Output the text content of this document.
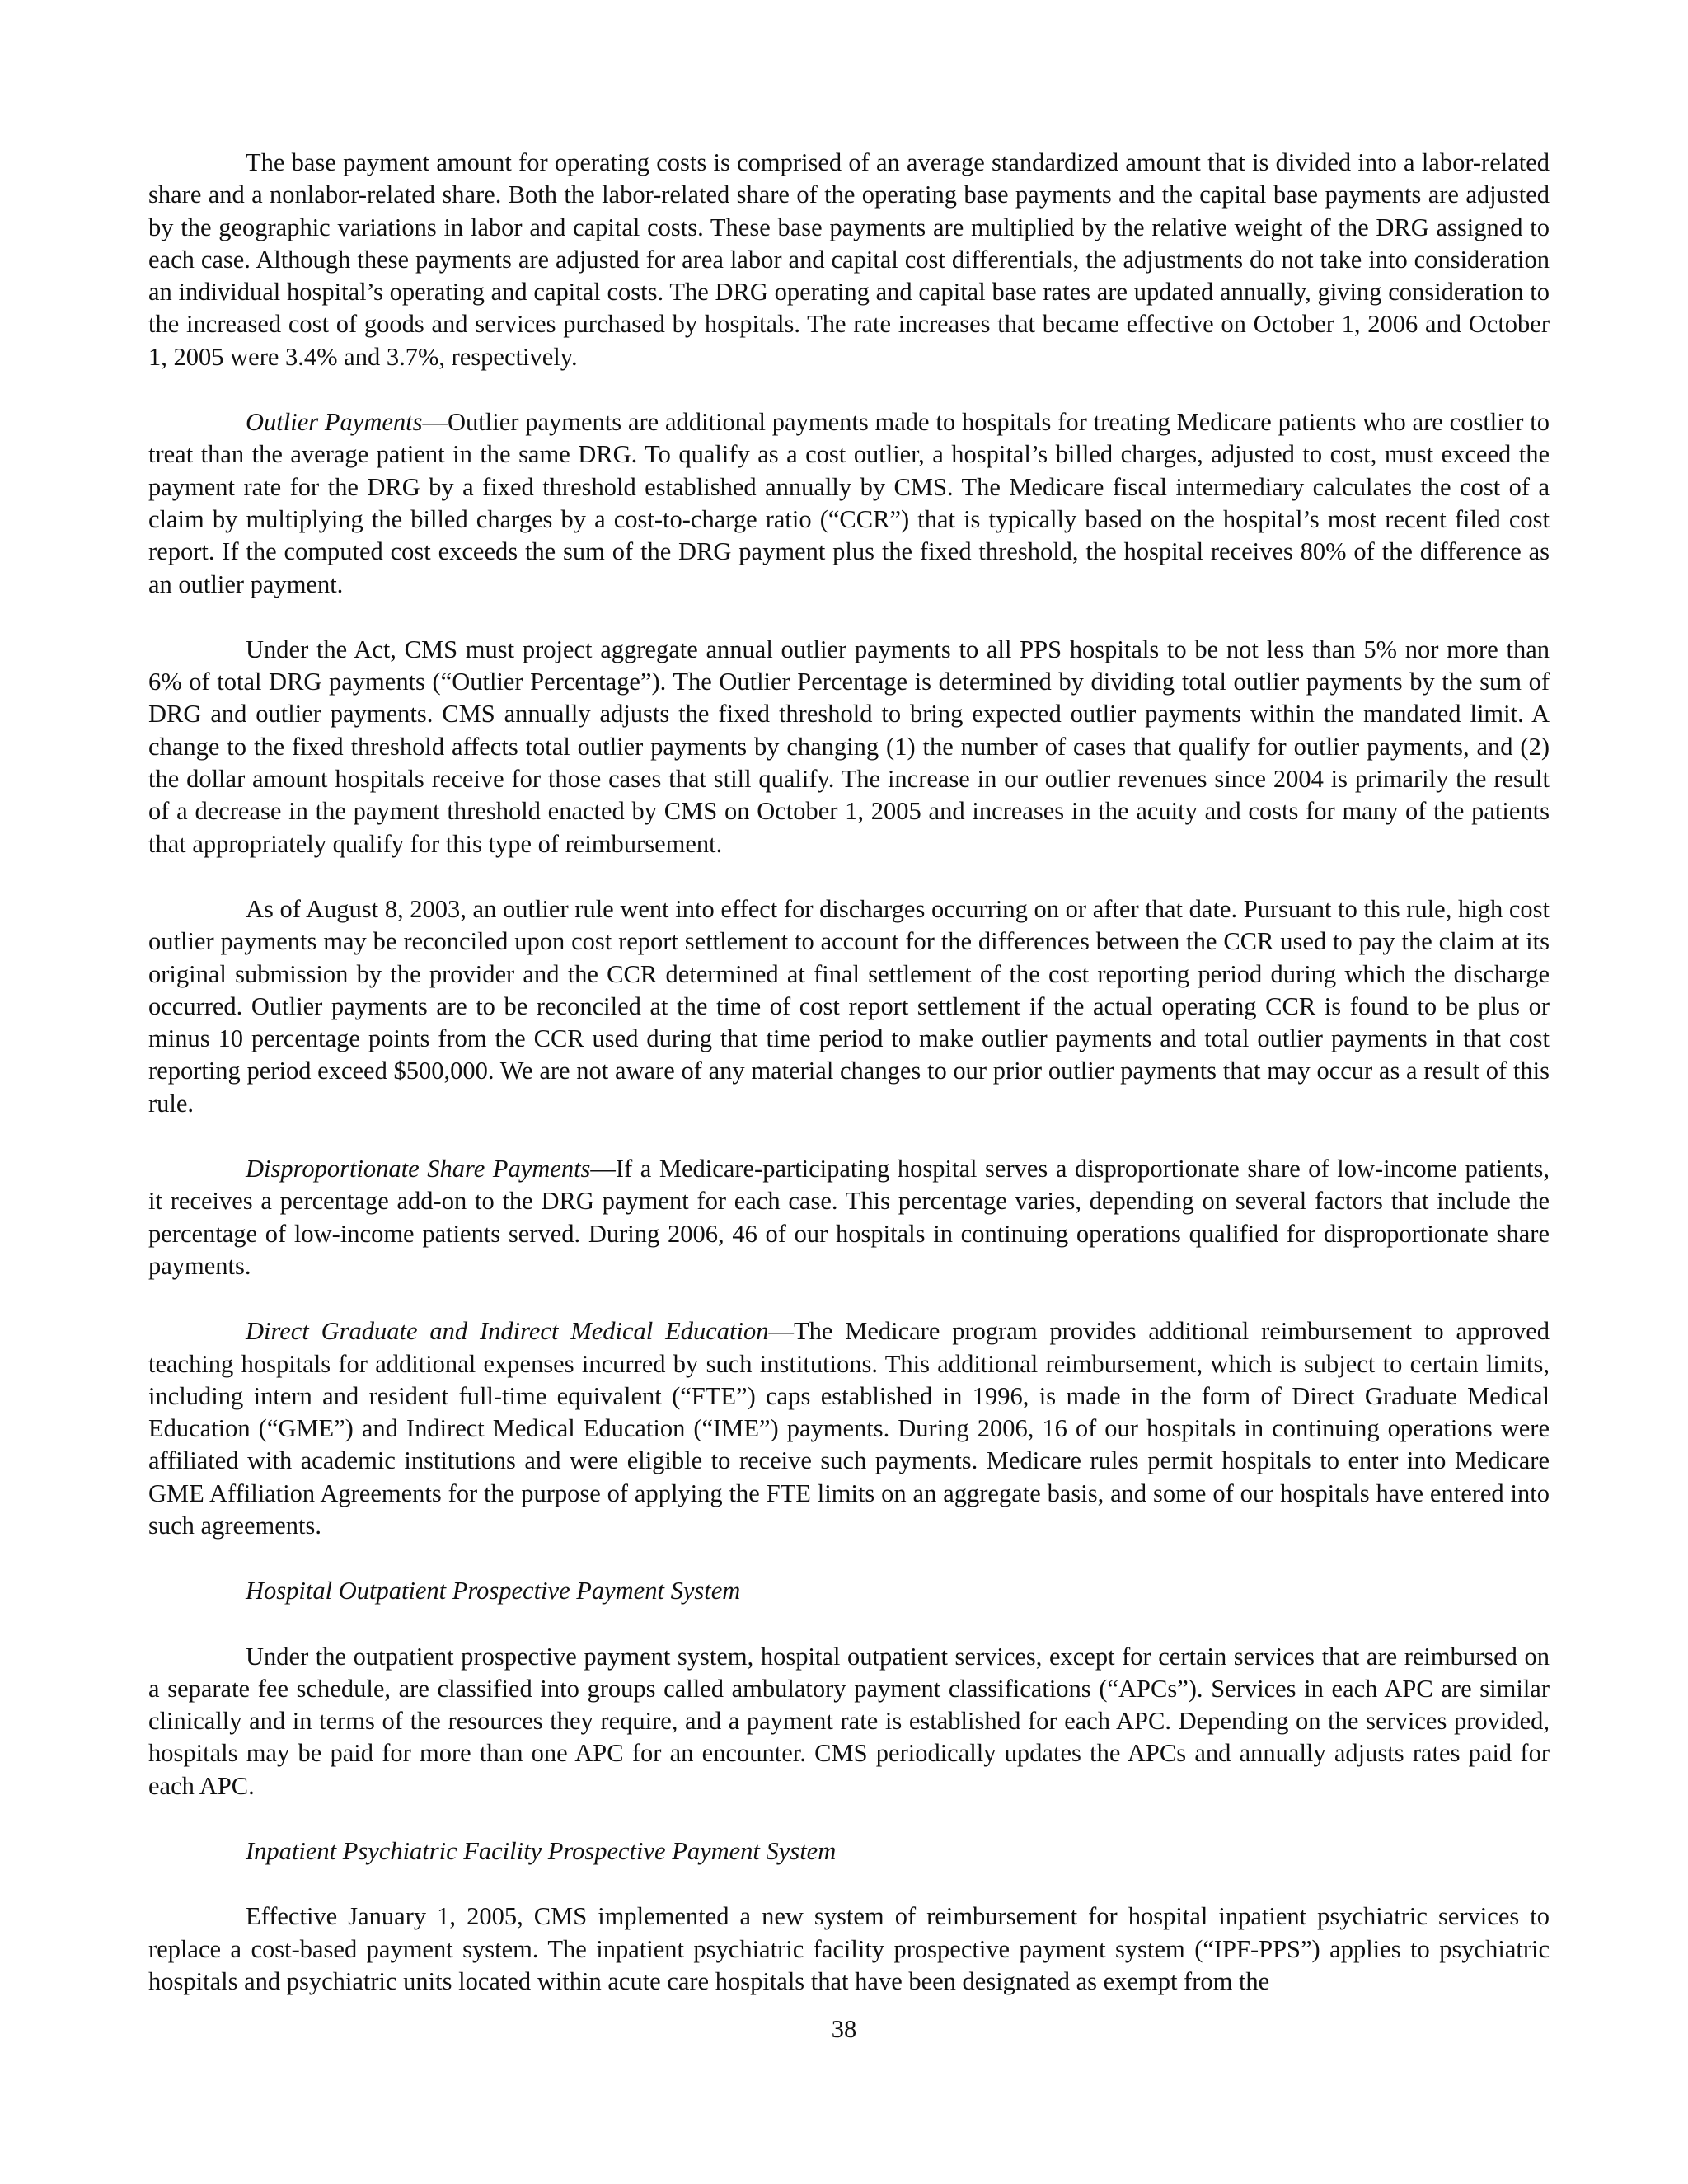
The base payment amount for operating costs is comprised of an average standardized amount that is divided into a labor-related share and a nonlabor-related share. Both the labor-related share of the operating base payments and the capital base payments are adjusted by the geographic variations in labor and capital costs. These base payments are multiplied by the relative weight of the DRG assigned to each case. Although these payments are adjusted for area labor and capital cost differentials, the adjustments do not take into consideration an individual hospital’s operating and capital costs. The DRG operating and capital base rates are updated annually, giving consideration to the increased cost of goods and services purchased by hospitals. The rate increases that became effective on October 1, 2006 and October 1, 2005 were 3.4% and 3.7%, respectively.

Outlier Payments—Outlier payments are additional payments made to hospitals for treating Medicare patients who are costlier to treat than the average patient in the same DRG. To qualify as a cost outlier, a hospital’s billed charges, adjusted to cost, must exceed the payment rate for the DRG by a fixed threshold established annually by CMS. The Medicare fiscal intermediary calculates the cost of a claim by multiplying the billed charges by a cost-to-charge ratio (“CCR”) that is typically based on the hospital’s most recent filed cost report. If the computed cost exceeds the sum of the DRG payment plus the fixed threshold, the hospital receives 80% of the difference as an outlier payment.

Under the Act, CMS must project aggregate annual outlier payments to all PPS hospitals to be not less than 5% nor more than 6% of total DRG payments (“Outlier Percentage”). The Outlier Percentage is determined by dividing total outlier payments by the sum of DRG and outlier payments. CMS annually adjusts the fixed threshold to bring expected outlier payments within the mandated limit. A change to the fixed threshold affects total outlier payments by changing (1) the number of cases that qualify for outlier payments, and (2) the dollar amount hospitals receive for those cases that still qualify. The increase in our outlier revenues since 2004 is primarily the result of a decrease in the payment threshold enacted by CMS on October 1, 2005 and increases in the acuity and costs for many of the patients that appropriately qualify for this type of reimbursement.

As of August 8, 2003, an outlier rule went into effect for discharges occurring on or after that date. Pursuant to this rule, high cost outlier payments may be reconciled upon cost report settlement to account for the differences between the CCR used to pay the claim at its original submission by the provider and the CCR determined at final settlement of the cost reporting period during which the discharge occurred. Outlier payments are to be reconciled at the time of cost report settlement if the actual operating CCR is found to be plus or minus 10 percentage points from the CCR used during that time period to make outlier payments and total outlier payments in that cost reporting period exceed $500,000. We are not aware of any material changes to our prior outlier payments that may occur as a result of this rule.

Disproportionate Share Payments—If a Medicare-participating hospital serves a disproportionate share of low-income patients, it receives a percentage add-on to the DRG payment for each case. This percentage varies, depending on several factors that include the percentage of low-income patients served. During 2006, 46 of our hospitals in continuing operations qualified for disproportionate share payments.

Direct Graduate and Indirect Medical Education—The Medicare program provides additional reimbursement to approved teaching hospitals for additional expenses incurred by such institutions. This additional reimbursement, which is subject to certain limits, including intern and resident full-time equivalent (“FTE”) caps established in 1996, is made in the form of Direct Graduate Medical Education (“GME”) and Indirect Medical Education (“IME”) payments. During 2006, 16 of our hospitals in continuing operations were affiliated with academic institutions and were eligible to receive such payments. Medicare rules permit hospitals to enter into Medicare GME Affiliation Agreements for the purpose of applying the FTE limits on an aggregate basis, and some of our hospitals have entered into such agreements.

Hospital Outpatient Prospective Payment System

Under the outpatient prospective payment system, hospital outpatient services, except for certain services that are reimbursed on a separate fee schedule, are classified into groups called ambulatory payment classifications (“APCs”). Services in each APC are similar clinically and in terms of the resources they require, and a payment rate is established for each APC. Depending on the services provided, hospitals may be paid for more than one APC for an encounter. CMS periodically updates the APCs and annually adjusts rates paid for each APC.

Inpatient Psychiatric Facility Prospective Payment System

Effective January 1, 2005, CMS implemented a new system of reimbursement for hospital inpatient psychiatric services to replace a cost-based payment system. The inpatient psychiatric facility prospective payment system (“IPF-PPS”) applies to psychiatric hospitals and psychiatric units located within acute care hospitals that have been designated as exempt from the

38
